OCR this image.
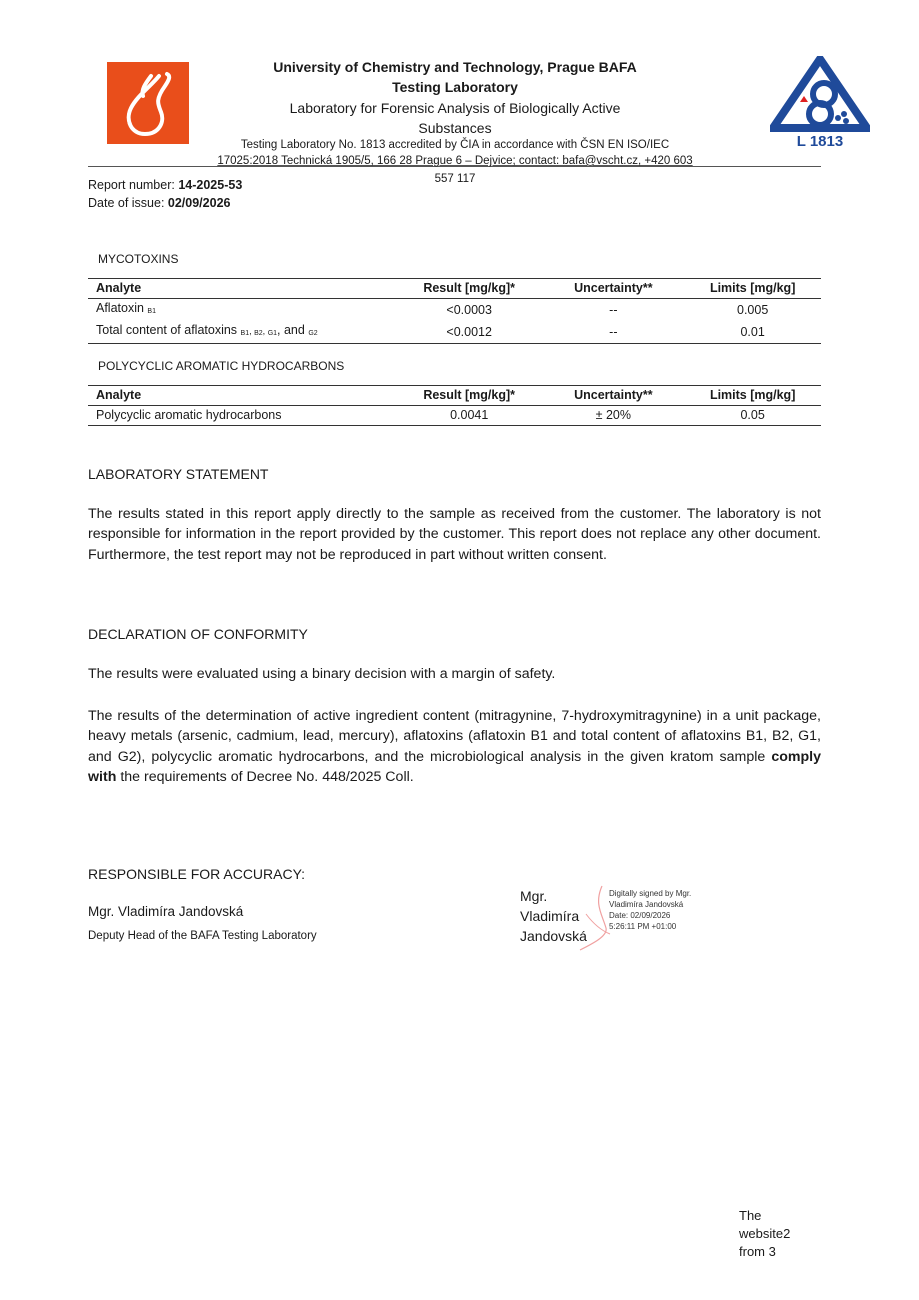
L 1813
University of Chemistry and Technology, Prague BAFA
Testing Laboratory
Laboratory for Forensic Analysis of Biologically Active
Substances
Testing Laboratory No. 1813 accredited by ČIA in accordance with ČSN EN ISO/IEC
17025:2018 Technická 1905/5, 166 28 Prague 6 – Dejvice; contact: bafa@vscht.cz, +420 603
557 117
Report number: 14-2025-53
Date of issue: 02/09/2026
MYCOTOXINS
Analyte	Result [mg/kg]*	Uncertainty**	Limits [mg/kg]
Aflatoxin $_{B1}$	<0.0003	--	0.005
Total content of aflatoxins $_{B1}$, $_{B2}$, $_{G1}$, and $_{G2}$	<0.0012	--	0.01
POLYCYCLIC AROMATIC HYDROCARBONS
Analyte	Result [mg/kg]*	Uncertainty**	Limits [mg/kg]
Polycyclic aromatic hydrocarbons	0.0041	± 20%	0.05
LABORATORY STATEMENT
The results stated in this report apply directly to the sample as received from the customer. The laboratory is not responsible for information in the report provided by the customer. This report does not replace any other document. Furthermore, the test report may not be reproduced in part without written consent.
DECLARATION OF CONFORMITY
The results were evaluated using a binary decision with a margin of safety.
The results of the determination of active ingredient content (mitragynine, 7-hydroxymitragynine) in a unit package, heavy metals (arsenic, cadmium, lead, mercury), aflatoxins (aflatoxin B1 and total content of aflatoxins B1, B2, G1, and G2), polycyclic aromatic hydrocarbons, and the microbiological analysis in the given kratom sample comply with the requirements of Decree No. 448/2025 Coll.
RESPONSIBLE FOR ACCURACY:
Mgr. Vladimíra Jandovská
Deputy Head of the BAFA Testing Laboratory
Mgr.
Vladimíra
Jandovská
Digitally signed by Mgr.
Vladimíra Jandovská
Date: 02/09/2026
5:26:11 PM +01:00
The
website2
from 3
